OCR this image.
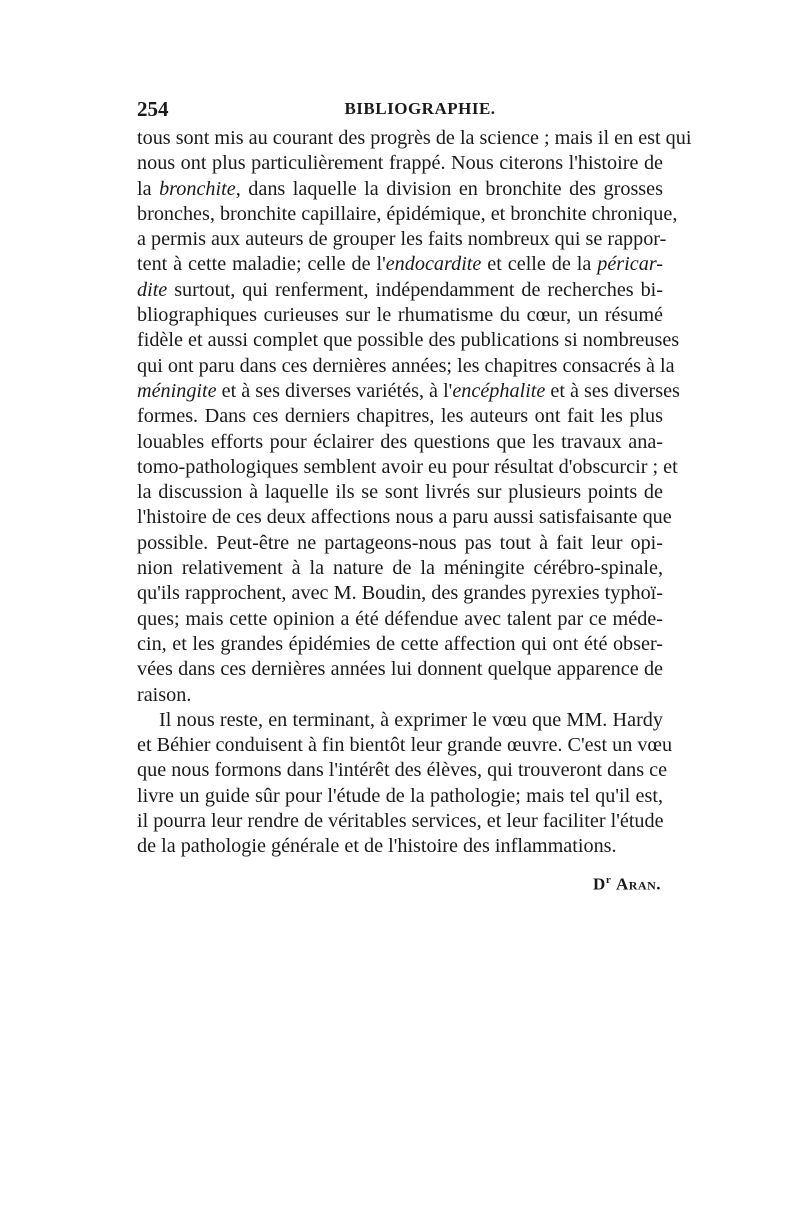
254	BIBLIOGRAPHIE.
tous sont mis au courant des progrès de la science ; mais il en est qui
nous ont plus particulièrement frappé. Nous citerons l'histoire de
la bronchite, dans laquelle la division en bronchite des grosses
bronches, bronchite capillaire, épidémique, et bronchite chronique,
a permis aux auteurs de grouper les faits nombreux qui se rappor-
tent à cette maladie; celle de l'endocardite et celle de la péricar-
dite surtout, qui renferment, indépendamment de recherches bi-
bliographiques curieuses sur le rhumatisme du cœur, un résumé
fidèle et aussi complet que possible des publications si nombreuses
qui ont paru dans ces dernières années; les chapitres consacrés à la
méningite et à ses diverses variétés, à l'encéphalite et à ses diverses
formes. Dans ces derniers chapitres, les auteurs ont fait les plus
louables efforts pour éclairer des questions que les travaux ana-
tomo-pathologiques semblent avoir eu pour résultat d'obscurcir ; et
la discussion à laquelle ils se sont livrés sur plusieurs points de
l'histoire de ces deux affections nous a paru aussi satisfaisante que
possible. Peut-être ne partageons-nous pas tout à fait leur opi-
nion relativement à la nature de la méningite cérébro-spinale,
qu'ils rapprochent, avec M. Boudin, des grandes pyrexies typhoï-
ques; mais cette opinion a été défendue avec talent par ce méde-
cin, et les grandes épidémies de cette affection qui ont été obser-
vées dans ces dernières années lui donnent quelque apparence de
raison.
Il nous reste, en terminant, à exprimer le vœu que MM. Hardy
et Béhier conduisent à fin bientôt leur grande œuvre. C'est un vœu
que nous formons dans l'intérêt des élèves, qui trouveront dans ce
livre un guide sûr pour l'étude de la pathologie; mais tel qu'il est,
il pourra leur rendre de véritables services, et leur faciliter l'étude
de la pathologie générale et de l'histoire des inflammations.
$D^r$ Aran.
